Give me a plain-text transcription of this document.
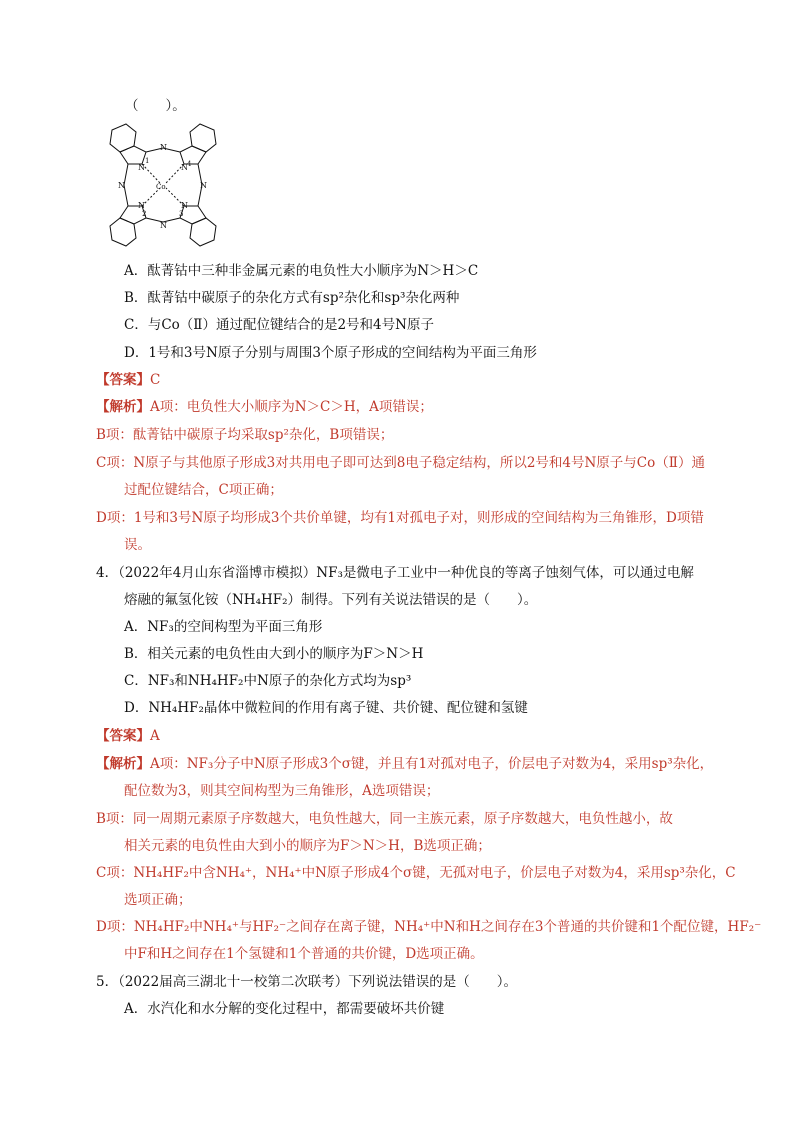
（　　）。
N
N
N	N
N	N
N	N
Co
1
2	3
4
A．酞菁钴中三种非金属元素的电负性大小顺序为N＞H＞C
B．酞菁钴中碳原子的杂化方式有sp²杂化和sp³杂化两种
C．与Co（Ⅱ）通过配位键结合的是2号和4号N原子
D．1号和3号N原子分别与周围3个原子形成的空间结构为平面三角形
【答案】C
【解析】A项：电负性大小顺序为N＞C＞H，A项错误；
B项：酞菁钴中碳原子均采取sp²杂化，B项错误；
C项：N原子与其他原子形成3对共用电子即可达到8电子稳定结构，所以2号和4号N原子与Co（Ⅱ）通
过配位键结合，C项正确；
D项：1号和3号N原子均形成3个共价单键，均有1对孤电子对，则形成的空间结构为三角锥形，D项错
误。
4．（2022年4月山东省淄博市模拟）NF₃是微电子工业中一种优良的等离子蚀刻气体，可以通过电解
熔融的氟氢化铵（NH₄HF₂）制得。下列有关说法错误的是（　　）。
A．NF₃的空间构型为平面三角形
B．相关元素的电负性由大到小的顺序为F＞N＞H
C．NF₃和NH₄HF₂中N原子的杂化方式均为sp³
D．NH₄HF₂晶体中微粒间的作用有离子键、共价键、配位键和氢键
【答案】A
【解析】A项：NF₃分子中N原子形成3个σ键，并且有1对孤对电子，价层电子对数为4，采用sp³杂化，
配位数为3，则其空间构型为三角锥形，A选项错误；
B项：同一周期元素原子序数越大，电负性越大，同一主族元素，原子序数越大，电负性越小，故
相关元素的电负性由大到小的顺序为F＞N＞H，B选项正确；
C项：NH₄HF₂中含NH₄⁺，NH₄⁺中N原子形成4个σ键，无孤对电子，价层电子对数为4，采用sp³杂化，C
选项正确；
D项：NH₄HF₂中NH₄⁺与HF₂⁻之间存在离子键，NH₄⁺中N和H之间存在3个普通的共价键和1个配位键，HF₂⁻
中F和H之间存在1个氢键和1个普通的共价键，D选项正确。
5．（2022届高三湖北十一校第二次联考）下列说法错误的是（　　）。
A．水汽化和水分解的变化过程中，都需要破坏共价键
